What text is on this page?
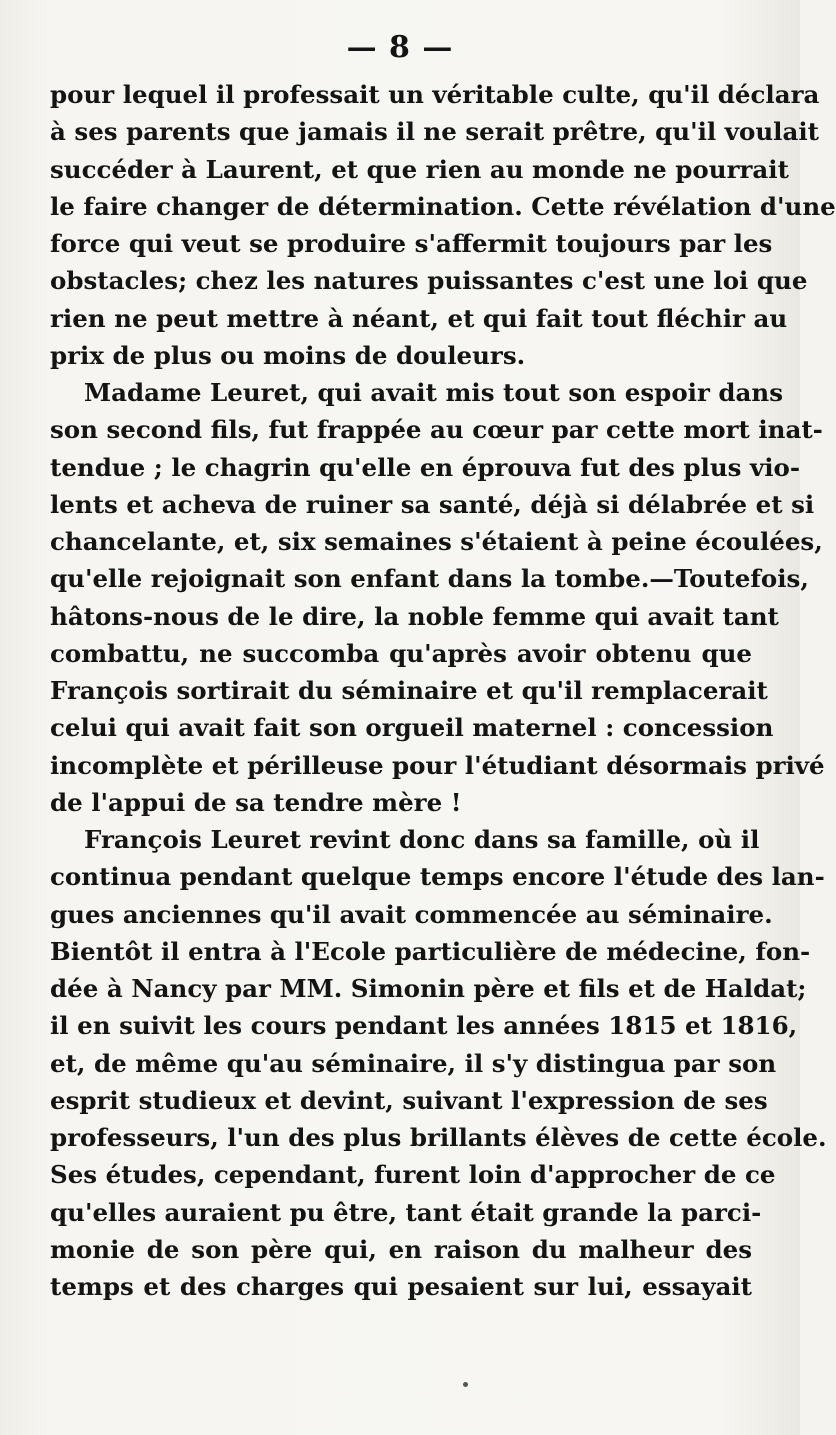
— 8 —
pour lequel il professait un véritable culte, qu'il déclara
à ses parents que jamais il ne serait prêtre, qu'il voulait
succéder à Laurent, et que rien au monde ne pourrait
le faire changer de détermination. Cette révélation d'une
force qui veut se produire s'affermit toujours par les
obstacles; chez les natures puissantes c'est une loi que
rien ne peut mettre à néant, et qui fait tout fléchir au
prix de plus ou moins de douleurs.
Madame Leuret, qui avait mis tout son espoir dans
son second fils, fut frappée au cœur par cette mort inat-
tendue ; le chagrin qu'elle en éprouva fut des plus vio-
lents et acheva de ruiner sa santé, déjà si délabrée et si
chancelante, et, six semaines s'étaient à peine écoulées,
qu'elle rejoignait son enfant dans la tombe.—Toutefois,
hâtons-nous de le dire, la noble femme qui avait tant
combattu, ne succomba qu'après avoir obtenu que
François sortirait du séminaire et qu'il remplacerait
celui qui avait fait son orgueil maternel : concession
incomplète et périlleuse pour l'étudiant désormais privé
de l'appui de sa tendre mère !
François Leuret revint donc dans sa famille, où il
continua pendant quelque temps encore l'étude des lan-
gues anciennes qu'il avait commencée au séminaire.
Bientôt il entra à l'Ecole particulière de médecine, fon-
dée à Nancy par MM. Simonin père et fils et de Haldat;
il en suivit les cours pendant les années 1815 et 1816,
et, de même qu'au séminaire, il s'y distingua par son
esprit studieux et devint, suivant l'expression de ses
professeurs, l'un des plus brillants élèves de cette école.
Ses études, cependant, furent loin d'approcher de ce
qu'elles auraient pu être, tant était grande la parci-
monie de son père qui, en raison du malheur des
temps et des charges qui pesaient sur lui, essayait
